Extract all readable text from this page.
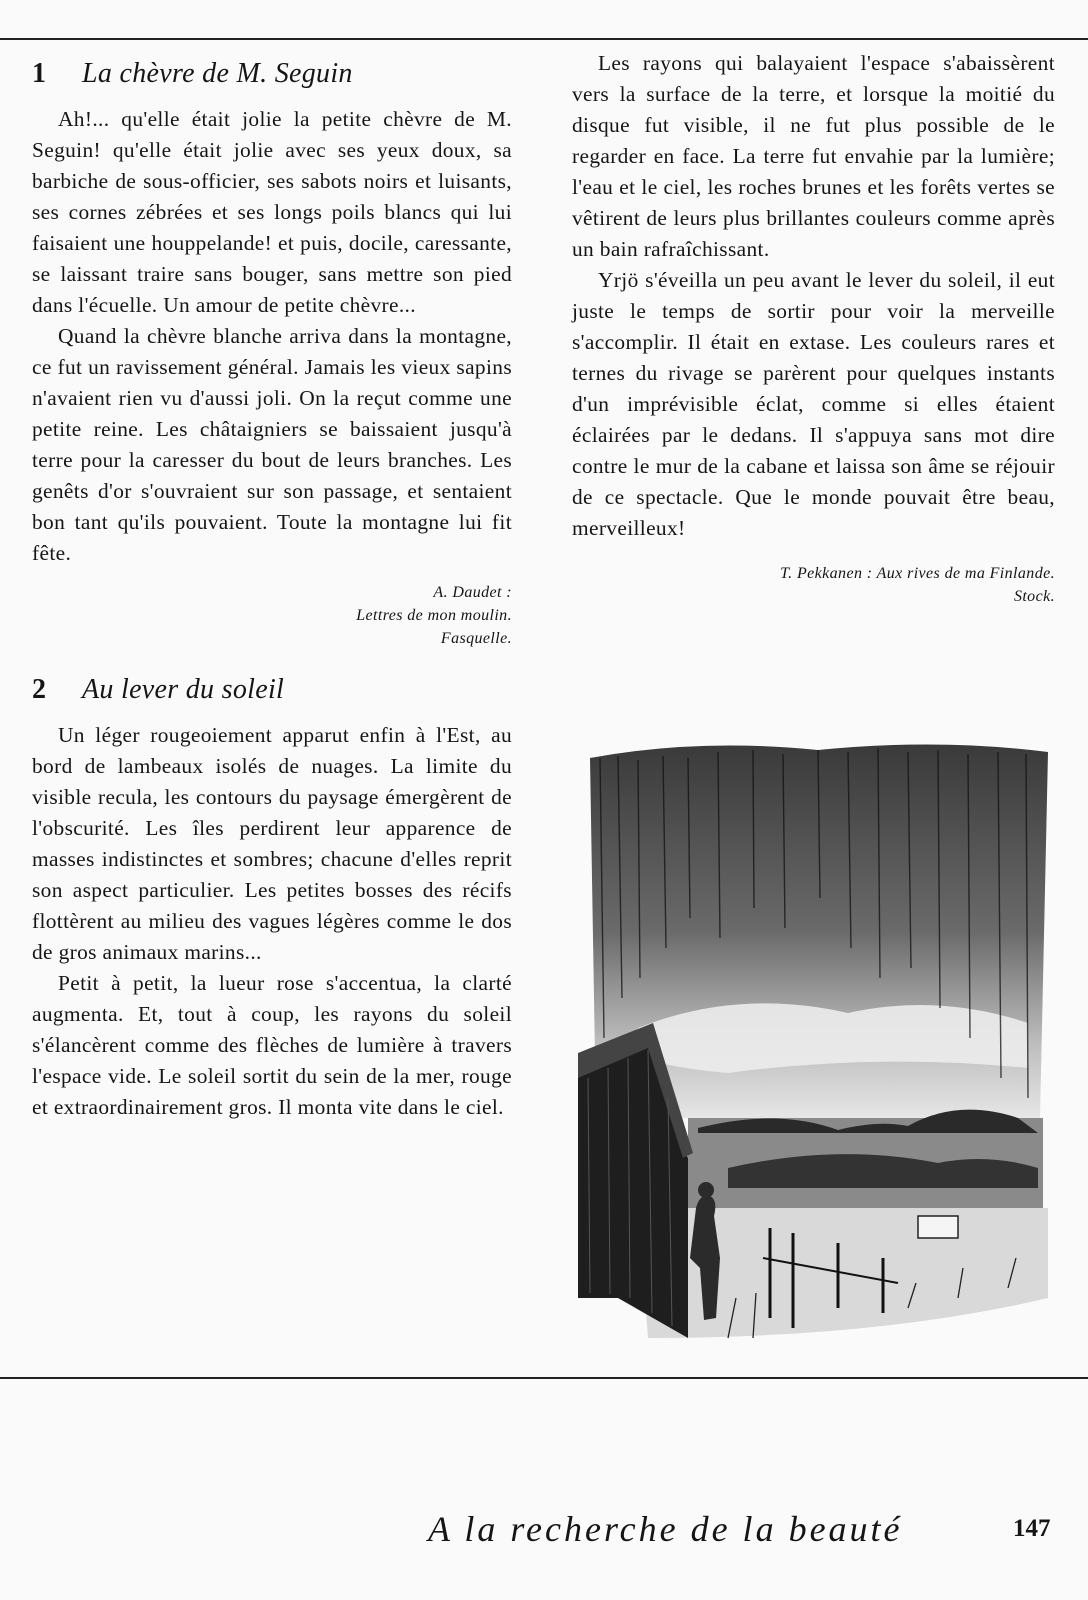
1	La chèvre de M. Seguin

Ah!... qu'elle était jolie la petite chèvre de M. Seguin! qu'elle était jolie avec ses yeux doux, sa barbiche de sous-officier, ses sabots noirs et luisants, ses cornes zébrées et ses longs poils blancs qui lui faisaient une houppelande! et puis, docile, caressante, se laissant traire sans bouger, sans mettre son pied dans l'écuelle. Un amour de petite chèvre...

Quand la chèvre blanche arriva dans la montagne, ce fut un ravissement général. Jamais les vieux sapins n'avaient rien vu d'aussi joli. On la reçut comme une petite reine. Les châtaigniers se baissaient jusqu'à terre pour la caresser du bout de leurs branches. Les genêts d'or s'ouvraient sur son passage, et sentaient bon tant qu'ils pouvaient. Toute la montagne lui fit fête.

A. Daudet :
Lettres de mon moulin.
Fasquelle.
2	Au lever du soleil

Un léger rougeoiement apparut enfin à l'Est, au bord de lambeaux isolés de nuages. La limite du visible recula, les contours du paysage émergèrent de l'obscurité. Les îles perdirent leur apparence de masses indistinctes et sombres; chacune d'elles reprit son aspect particulier. Les petites bosses des récifs flottèrent au milieu des vagues légères comme le dos de gros animaux marins...

Petit à petit, la lueur rose s'accentua, la clarté augmenta. Et, tout à coup, les rayons du soleil s'élancèrent comme des flèches de lumière à travers l'espace vide. Le soleil sortit du sein de la mer, rouge et extraordinairement gros. Il monta vite dans le ciel.

Les rayons qui balayaient l'espace s'abaissèrent vers la surface de la terre, et lorsque la moitié du disque fut visible, il ne fut plus possible de le regarder en face. La terre fut envahie par la lumière; l'eau et le ciel, les roches brunes et les forêts vertes se vêtirent de leurs plus brillantes couleurs comme après un bain rafraîchissant.

Yrjö s'éveilla un peu avant le lever du soleil, il eut juste le temps de sortir pour voir la merveille s'accomplir. Il était en extase. Les couleurs rares et ternes du rivage se parèrent pour quelques instants d'un imprévisible éclat, comme si elles étaient éclairées par le dedans. Il s'appuya sans mot dire contre le mur de la cabane et laissa son âme se réjouir de ce spectacle. Que le monde pouvait être beau, merveilleux!

T. Pekkanen : Aux rives de ma Finlande.
Stock.
A la recherche de la beauté	147
